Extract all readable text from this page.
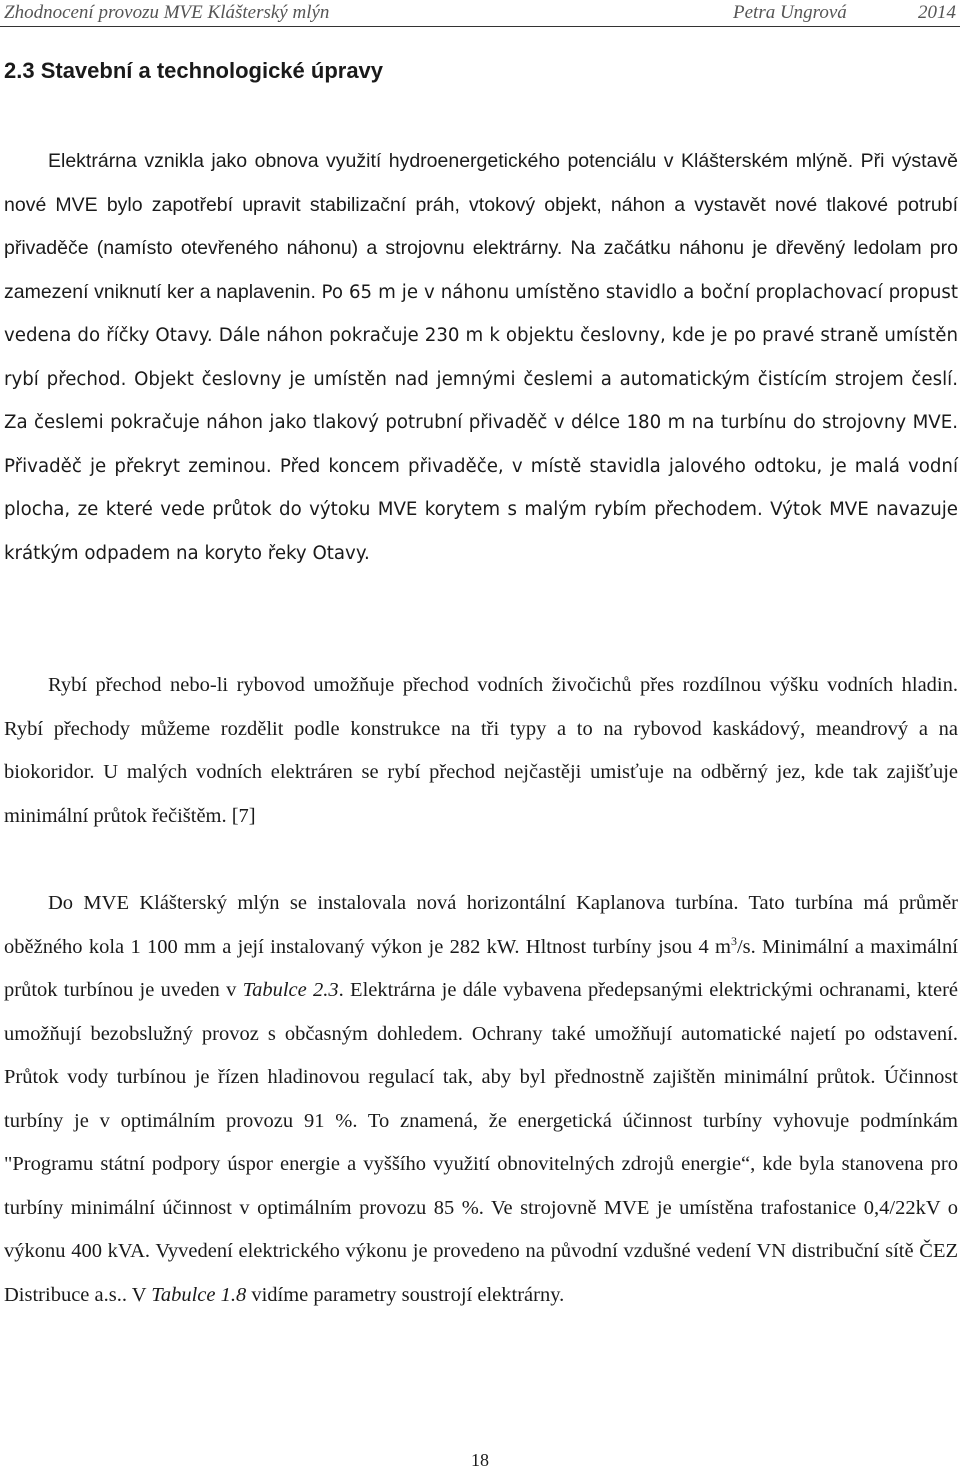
Zhodnocení provozu MVE Klášterský mlýn	Petra Ungrová	2014
2.3 Stavební a technologické úpravy

Elektrárna vznikla jako obnova využití hydroenergetického potenciálu v Klášterském mlýně. Při výstavě nové MVE bylo zapotřebí upravit stabilizační práh, vtokový objekt, náhon a vystavět nové tlakové potrubí přivaděče (namísto otevřeného náhonu) a strojovnu elektrárny. Na začátku náhonu je dřevěný ledolam pro zamezení vniknutí ker a naplavenin. Po 65 m je v náhonu umístěno stavidlo a boční proplachovací propust vedena do říčky Otavy. Dále náhon pokračuje 230 m k objektu česlovny, kde je po pravé straně umístěn rybí přechod. Objekt česlovny je umístěn nad jemnými česlemi a automatickým čistícím strojem česlí. Za česlemi pokračuje náhon jako tlakový potrubní přivaděč v délce 180 m na turbínu do strojovny MVE. Přivaděč je překryt zeminou. Před koncem přivaděče, v místě stavidla jalového odtoku, je malá vodní plocha, ze které vede průtok do výtoku MVE korytem s malým rybím přechodem. Výtok MVE navazuje krátkým odpadem na koryto řeky Otavy.

Rybí přechod nebo-li rybovod umožňuje přechod vodních živočichů přes rozdílnou výšku vodních hladin. Rybí přechody můžeme rozdělit podle konstrukce na tři typy a to na rybovod kaskádový, meandrový a na biokoridor. U malých vodních elektráren se rybí přechod nejčastěji umisťuje na odběrný jez, kde tak zajišťuje minimální průtok řečištěm. [7]

Do MVE Klášterský mlýn se instalovala nová horizontální Kaplanova turbína. Tato turbína má průměr oběžného kola 1 100 mm a její instalovaný výkon je 282 kW. Hltnost turbíny jsou 4 $m^3/s$. Minimální a maximální průtok turbínou je uveden v Tabulce 2.3. Elektrárna je dále vybavena předepsanými elektrickými ochranami, které umožňují bezobslužný provoz s občasným dohledem. Ochrany také umožňují automatické najetí po odstavení. Průtok vody turbínou je řízen hladinovou regulací tak, aby byl přednostně zajištěn minimální průtok. Účinnost turbíny je v optimálním provozu 91 %. To znamená, že energetická účinnost turbíny vyhovuje podmínkám "Programu státní podpory úspor energie a vyššího využití obnovitelných zdrojů energie“, kde byla stanovena pro turbíny minimální účinnost v optimálním provozu 85 %. Ve strojovně MVE je umístěna trafostanice 0,4/22kV o výkonu 400 kVA. Vyvedení elektrického výkonu je provedeno na původní vzdušné vedení VN distribuční sítě ČEZ Distribuce a.s.. V Tabulce 1.8 vidíme parametry soustrojí elektrárny.

18
